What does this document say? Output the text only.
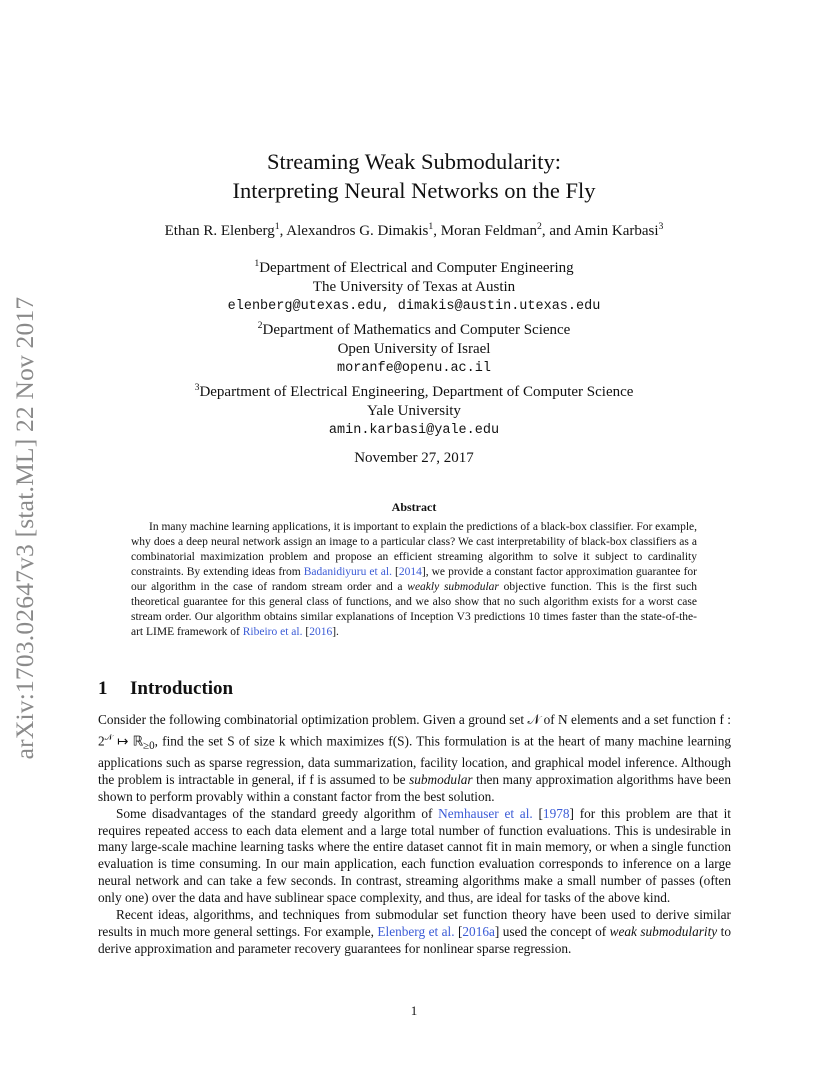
arXiv:1703.02647v3 [stat.ML] 22 Nov 2017
Streaming Weak Submodularity:
Interpreting Neural Networks on the Fly
Ethan R. Elenberg$^1$, Alexandros G. Dimakis$^1$, Moran Feldman$^2$, and Amin Karbasi$^3$
$^1$Department of Electrical and Computer Engineering
The University of Texas at Austin
elenberg@utexas.edu, dimakis@austin.utexas.edu
$^2$Department of Mathematics and Computer Science
Open University of Israel
moranfe@openu.ac.il
$^3$Department of Electrical Engineering, Department of Computer Science
Yale University
amin.karbasi@yale.edu
November 27, 2017
Abstract

In many machine learning applications, it is important to explain the predictions of a black-box classifier. For example, why does a deep neural network assign an image to a particular class? We cast interpretability of black-box classifiers as a combinatorial maximization problem and propose an efficient streaming algorithm to solve it subject to cardinality constraints. By extending ideas from Badanidiyuru et al. [2014], we provide a constant factor approximation guarantee for our algorithm in the case of random stream order and a weakly submodular objective function. This is the first such theoretical guarantee for this general class of functions, and we also show that no such algorithm exists for a worst case stream order. Our algorithm obtains similar explanations of Inception V3 predictions 10 times faster than the state-of-the-art LIME framework of Ribeiro et al. [2016].

1 Introduction

Consider the following combinatorial optimization problem. Given a ground set 𝒩 of N elements and a set function f : $2^𝒩$ ↦ ℝ$_{\ge 0}$, find the set S of size k which maximizes f(S). This formulation is at the heart of many machine learning applications such as sparse regression, data summarization, facility location, and graphical model inference. Although the problem is intractable in general, if f is assumed to be submodular then many approximation algorithms have been shown to perform provably within a constant factor from the best solution.

Some disadvantages of the standard greedy algorithm of Nemhauser et al. [1978] for this problem are that it requires repeated access to each data element and a large total number of function evaluations. This is undesirable in many large-scale machine learning tasks where the entire dataset cannot fit in main memory, or when a single function evaluation is time consuming. In our main application, each function evaluation corresponds to inference on a large neural network and can take a few seconds. In contrast, streaming algorithms make a small number of passes (often only one) over the data and have sublinear space complexity, and thus, are ideal for tasks of the above kind.

Recent ideas, algorithms, and techniques from submodular set function theory have been used to derive similar results in much more general settings. For example, Elenberg et al. [2016a] used the concept of weak submodularity to derive approximation and parameter recovery guarantees for nonlinear sparse regression.

1
